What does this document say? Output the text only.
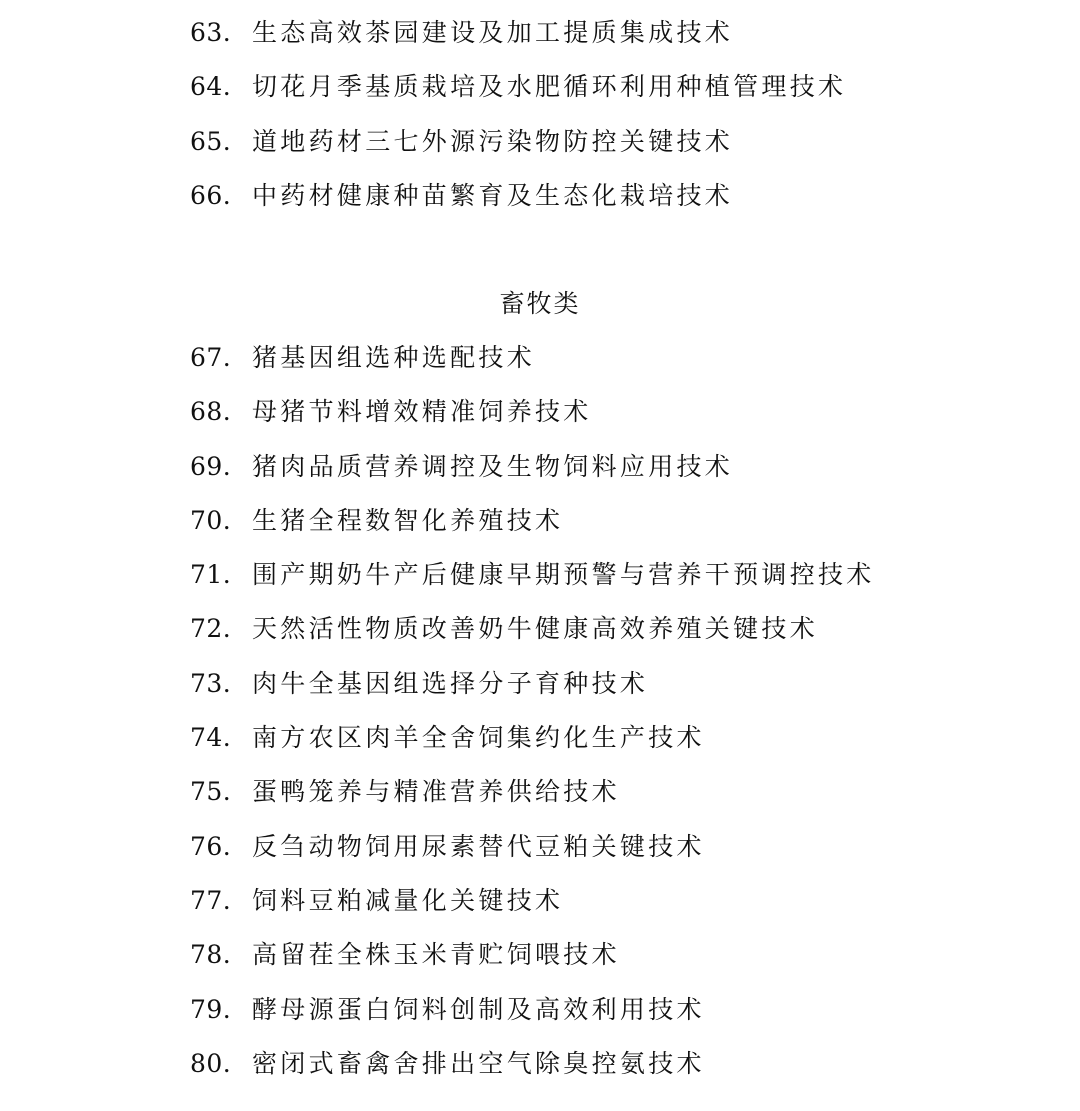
63. 生态高效茶园建设及加工提质集成技术
64. 切花月季基质栽培及水肥循环利用种植管理技术
65. 道地药材三七外源污染物防控关键技术
66. 中药材健康种苗繁育及生态化栽培技术
畜牧类
67. 猪基因组选种选配技术
68. 母猪节料增效精准饲养技术
69. 猪肉品质营养调控及生物饲料应用技术
70. 生猪全程数智化养殖技术
71. 围产期奶牛产后健康早期预警与营养干预调控技术
72. 天然活性物质改善奶牛健康高效养殖关键技术
73. 肉牛全基因组选择分子育种技术
74. 南方农区肉羊全舍饲集约化生产技术
75. 蛋鸭笼养与精准营养供给技术
76. 反刍动物饲用尿素替代豆粕关键技术
77. 饲料豆粕减量化关键技术
78. 高留茬全株玉米青贮饲喂技术
79. 酵母源蛋白饲料创制及高效利用技术
80. 密闭式畜禽舍排出空气除臭控氨技术
